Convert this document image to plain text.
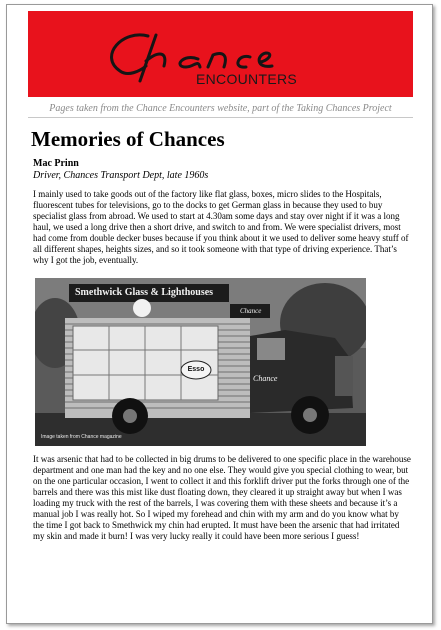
ENCOUNTERS
Pages taken from the Chance Encounters website, part of the Taking Chances Project
Memories of Chances
Mac Prinn
Driver, Chances Transport Dept, late 1960s

I mainly used to take goods out of the factory like flat glass, boxes, micro slides to the Hospitals, fluorescent tubes for televisions, go to the docks to get German glass in because they used to buy specialist glass from abroad. We used to start at 4.30am some days and stay over night if it was a long haul, we used a long drive then a short drive, and switch to and from. We were specialist drivers, most had come from double decker buses because if you think about it we used to deliver some heavy stuff of all different shapes, heights sizes, and so it took someone with that type of driving experience. That’s why I got the job, eventually.

Smethwick Glass & Lighthouses
Chance
Esso
Chance
Image taken from Chance magazine

It was arsenic that had to be collected in big drums to be delivered to one specific place in the warehouse department and one man had the key and no one else. They would give you special clothing to wear, but on the one particular occasion, I went to collect it and this forklift driver put the forks through one of the barrels and there was this mist like dust floating down, they cleared it up straight away but when I was loading my truck with the rest of the barrels, I was covering them with these sheets and because it’s a manual job I was really hot. So I wiped my forehead and chin with my arm and do you know what by the time I got back to Smethwick my chin had erupted. It must have been the arsenic that had irritated my skin and made it burn! I was very lucky really it could have been more serious I guess!
